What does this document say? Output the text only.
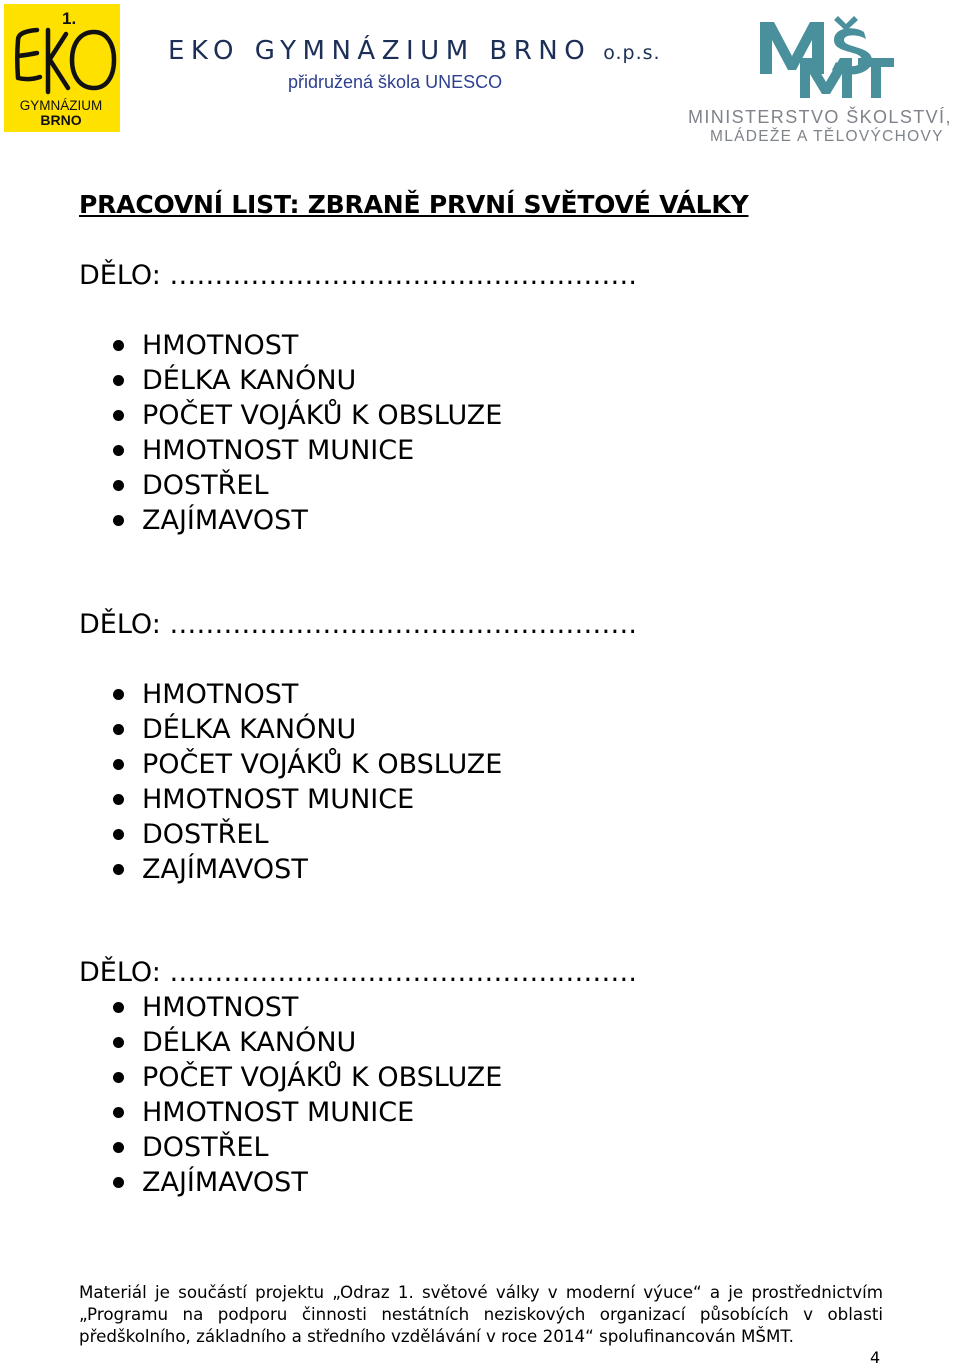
1.
GYMNÁZIUM
BRNO
EKO GYMNÁZIUM BRNO o.p.s.
přidružená škola UNESCO
MINISTERSTVO ŠKOLSTVÍ,
MLÁDEŽE A TĚLOVÝCHOVY
PRACOVNÍ LIST: ZBRANĚ PRVNÍ SVĚTOVÉ VÁLKY
DĚLO: …………………………………………….
HMOTNOST
DÉLKA KANÓNU
POČET VOJÁKŮ K OBSLUZE
HMOTNOST MUNICE
DOSTŘEL
ZAJÍMAVOST
DĚLO: …………………………………………….
HMOTNOST
DÉLKA KANÓNU
POČET VOJÁKŮ K OBSLUZE
HMOTNOST MUNICE
DOSTŘEL
ZAJÍMAVOST
DĚLO: …………………………………………….
HMOTNOST
DÉLKA KANÓNU
POČET VOJÁKŮ K OBSLUZE
HMOTNOST MUNICE
DOSTŘEL
ZAJÍMAVOST
Materiál je součástí projektu „Odraz 1. světové války v moderní výuce“ a je prostřednictvím
„Programu na podporu činnosti nestátních neziskových organizací působících v oblasti
předškolního, základního a středního vzdělávání v roce 2014“ spolufinancován MŠMT.
4
